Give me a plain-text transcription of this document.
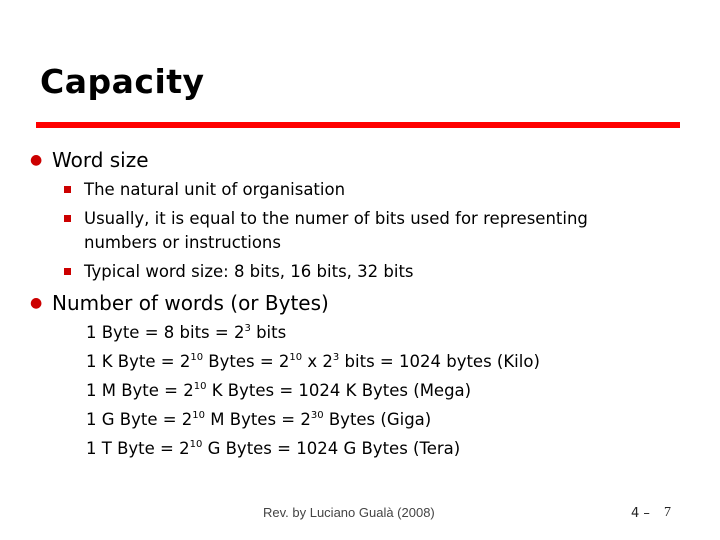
Capacity
● Word size
The natural unit of organisation
Usually, it is equal to the numer of bits used for representing
numbers or instructions
Typical word size: 8 bits, 16 bits, 32 bits
● Number of words (or Bytes)
1 Byte = 8 bits = $2^3$ bits
1 K Byte = $2^{10}$ Bytes = $2^{10}$ x $2^3$ bits = 1024 bytes (Kilo)
1 M Byte = $2^{10}$ K Bytes = 1024 K Bytes (Mega)
1 G Byte = $2^{10}$ M Bytes = $2^{30}$ Bytes (Giga)
1 T Byte = $2^{10}$ G Bytes = 1024 G Bytes (Tera)
Rev. by Luciano Gualà (2008)	4 – 7
